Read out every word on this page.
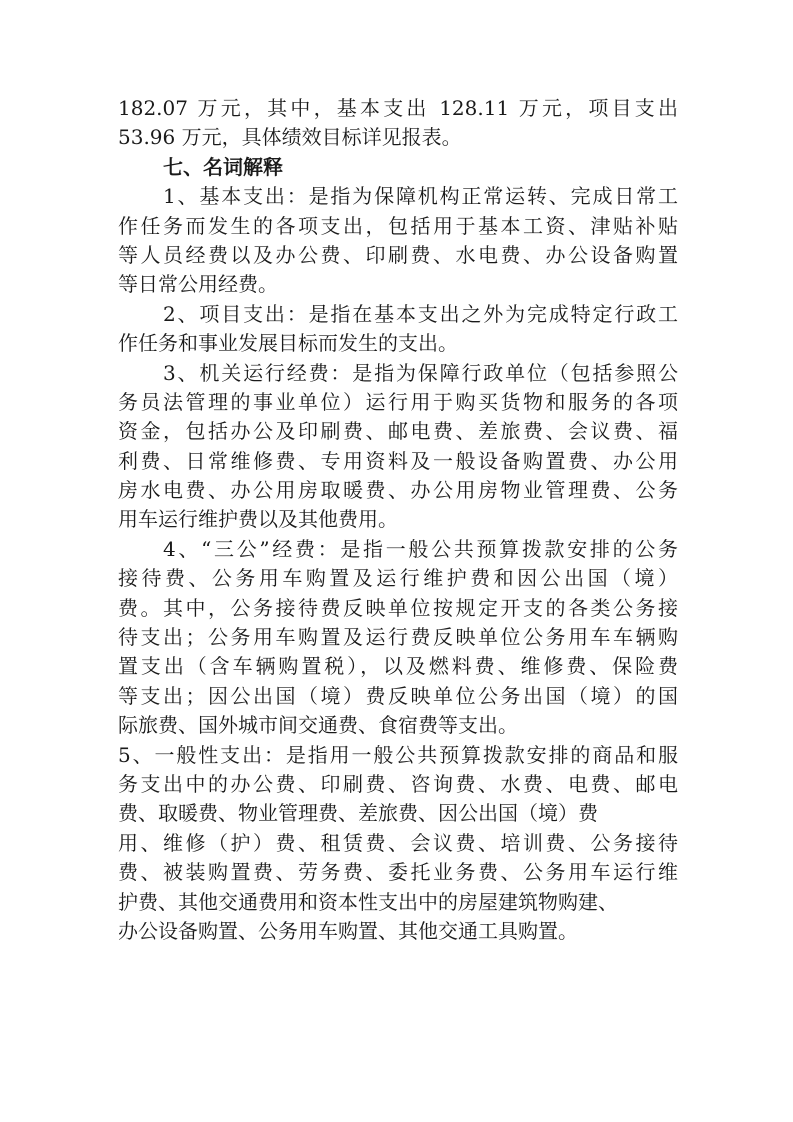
182.07 万元，其中，基本支出 128.11 万元，项目支出
53.96 万元，具体绩效目标详见报表。
七、名词解释
1、基本支出：是指为保障机构正常运转、完成日常工
作任务而发生的各项支出，包括用于基本工资、津贴补贴
等人员经费以及办公费、印刷费、水电费、办公设备购置
等日常公用经费。
2、项目支出：是指在基本支出之外为完成特定行政工
作任务和事业发展目标而发生的支出。
3、机关运行经费：是指为保障行政单位（包括参照公
务员法管理的事业单位）运行用于购买货物和服务的各项
资金，包括办公及印刷费、邮电费、差旅费、会议费、福
利费、日常维修费、专用资料及一般设备购置费、办公用
房水电费、办公用房取暖费、办公用房物业管理费、公务
用车运行维护费以及其他费用。
4、“三公”经费：是指一般公共预算拨款安排的公务
接待费、公务用车购置及运行维护费和因公出国（境）
费。其中，公务接待费反映单位按规定开支的各类公务接
待支出；公务用车购置及运行费反映单位公务用车车辆购
置支出（含车辆购置税），以及燃料费、维修费、保险费
等支出；因公出国（境）费反映单位公务出国（境）的国
际旅费、国外城市间交通费、食宿费等支出。
5、一般性支出：是指用一般公共预算拨款安排的商品和服
务支出中的办公费、印刷费、咨询费、水费、电费、邮电
费、取暖费、物业管理费、差旅费、因公出国（境）费
用、维修（护）费、租赁费、会议费、培训费、公务接待
费、被装购置费、劳务费、委托业务费、公务用车运行维
护费、其他交通费用和资本性支出中的房屋建筑物购建、
办公设备购置、公务用车购置、其他交通工具购置。
